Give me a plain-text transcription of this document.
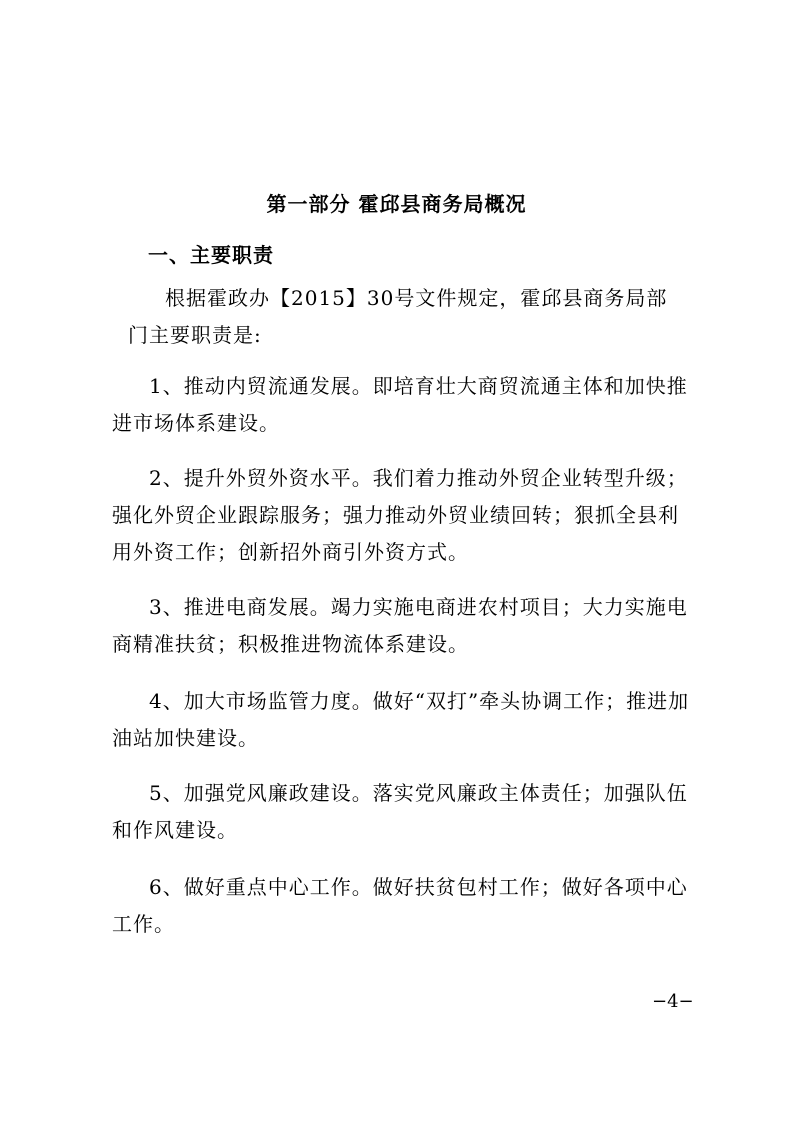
第一部分 霍邱县商务局概况
一、主要职责

根据霍政办【2015】30号文件规定，霍邱县商务局部门主要职责是:

1、推动内贸流通发展。即培育壮大商贸流通主体和加快推进市场体系建设。

2、提升外贸外资水平。我们着力推动外贸企业转型升级；强化外贸企业跟踪服务；强力推动外贸业绩回转；狠抓全县利用外资工作；创新招外商引外资方式。

3、推进电商发展。竭力实施电商进农村项目；大力实施电商精准扶贫；积极推进物流体系建设。

4、加大市场监管力度。做好“双打”牵头协调工作；推进加油站加快建设。

5、加强党风廉政建设。落实党风廉政主体责任；加强队伍和作风建设。

6、做好重点中心工作。做好扶贫包村工作；做好各项中心工作。

−4−
